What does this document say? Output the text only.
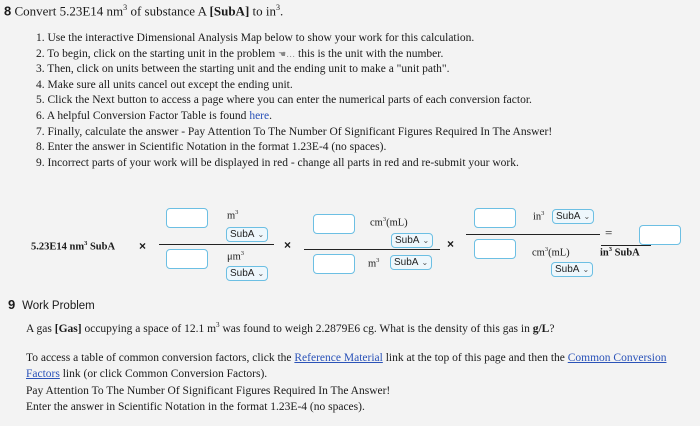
8 Convert 5.23E14 $nm^3$ of substance A [SubA] to $in^3$.
1. Use the interactive Dimensional Analysis Map below to show your work for this calculation.
2. To begin, click on the starting unit in the problem ☚… this is the unit with the number.
3. Then, click on units between the starting unit and the ending unit to make a "unit path".
4. Make sure all units cancel out except the ending unit.
5. Click the Next button to access a page where you can enter the numerical parts of each conversion factor.
6. A helpful Conversion Factor Table is found here.
7. Finally, calculate the answer - Pay Attention To The Number Of Significant Figures Required In The Answer!
8. Enter the answer in Scientific Notation in the format 1.23E-4 (no spaces).
9. Incorrect parts of your work will be displayed in red - change all parts in red and re-submit your work.
5.23E14 $nm^3$ SubA ×
$m^3$
SubA ⌄
$\mu m^3$
SubA ⌄
×
$cm^3(mL)$
SubA ⌄
$m^3$ SubA ⌄
×
$in^3$ SubA ⌄
$cm^3(mL)$
SubA ⌄
=
$in^3$ SubA
9 Work Problem
A gas [Gas] occupying a space of 12.1 $m^3$ was found to weigh 2.2879E6 cg. What is the density of this gas in g/L?
To access a table of common conversion factors, click the Reference Material link at the top of this page and then the Common Conversion Factors link (or click Common Conversion Factors).
Pay Attention To The Number Of Significant Figures Required In The Answer!
Enter the answer in Scientific Notation in the format 1.23E-4 (no spaces).
